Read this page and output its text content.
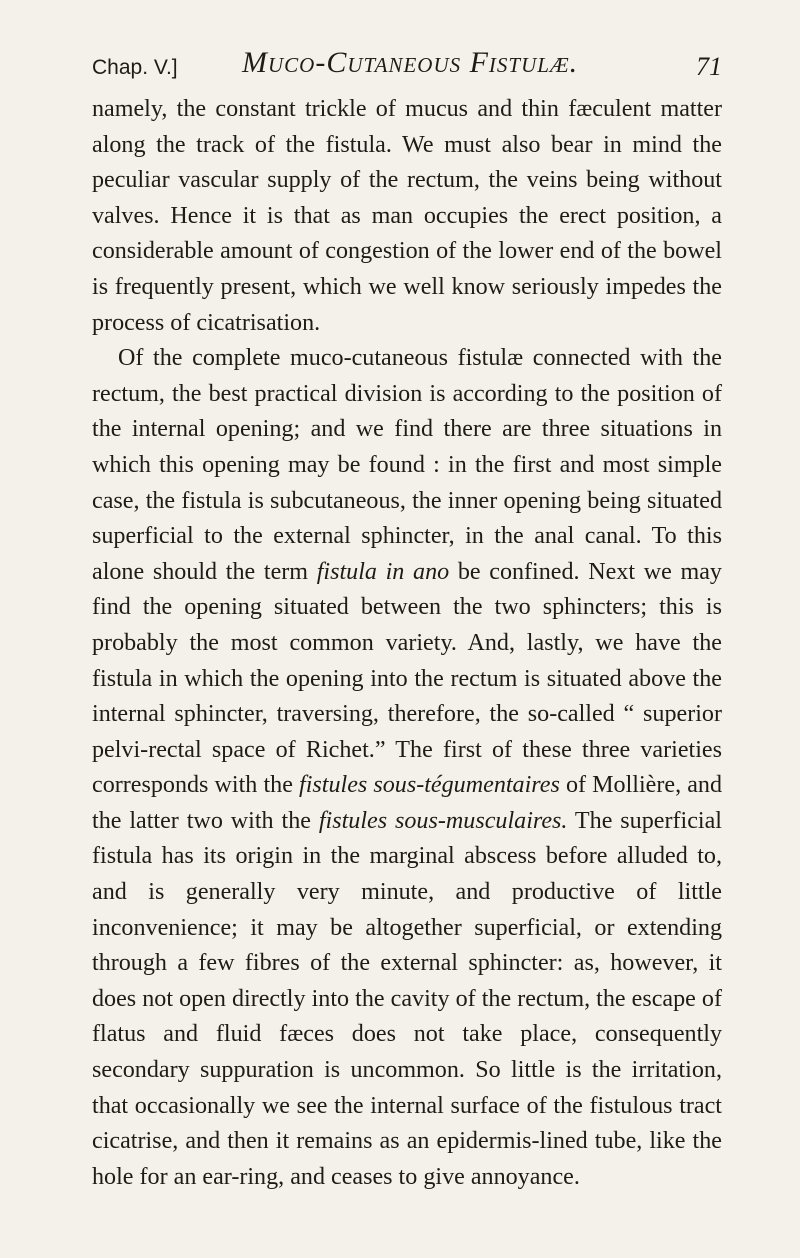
Chap. V.] Muco-Cutaneous Fistulæ.	71

namely, the constant trickle of mucus and thin fæculent matter along the track of the fistula. We must also bear in mind the peculiar vascular supply of the rectum, the veins being without valves. Hence it is that as man occupies the erect position, a considerable amount of congestion of the lower end of the bowel is frequently present, which we well know seriously impedes the process of cicatrisation.

Of the complete muco-cutaneous fistulæ connected with the rectum, the best practical division is according to the position of the internal opening; and we find there are three situations in which this opening may be found : in the first and most simple case, the fistula is subcutaneous, the inner opening being situated superficial to the external sphincter, in the anal canal. To this alone should the term fistula in ano be confined. Next we may find the opening situated between the two sphincters; this is probably the most common variety. And, lastly, we have the fistula in which the opening into the rectum is situated above the internal sphincter, traversing, therefore, the so-called “ superior pelvi-rectal space of Richet.” The first of these three varieties corresponds with the fistules sous-tégumentaires of Mollière, and the latter two with the fistules sous-musculaires. The superficial fistula has its origin in the marginal abscess before alluded to, and is generally very minute, and productive of little inconvenience; it may be altogether superficial, or extending through a few fibres of the external sphincter: as, however, it does not open directly into the cavity of the rectum, the escape of flatus and fluid fæces does not take place, consequently secondary suppuration is uncommon. So little is the irritation, that occasionally we see the internal surface of the fistulous tract cicatrise, and then it remains as an epidermis-lined tube, like the hole for an ear-ring, and ceases to give annoyance.
